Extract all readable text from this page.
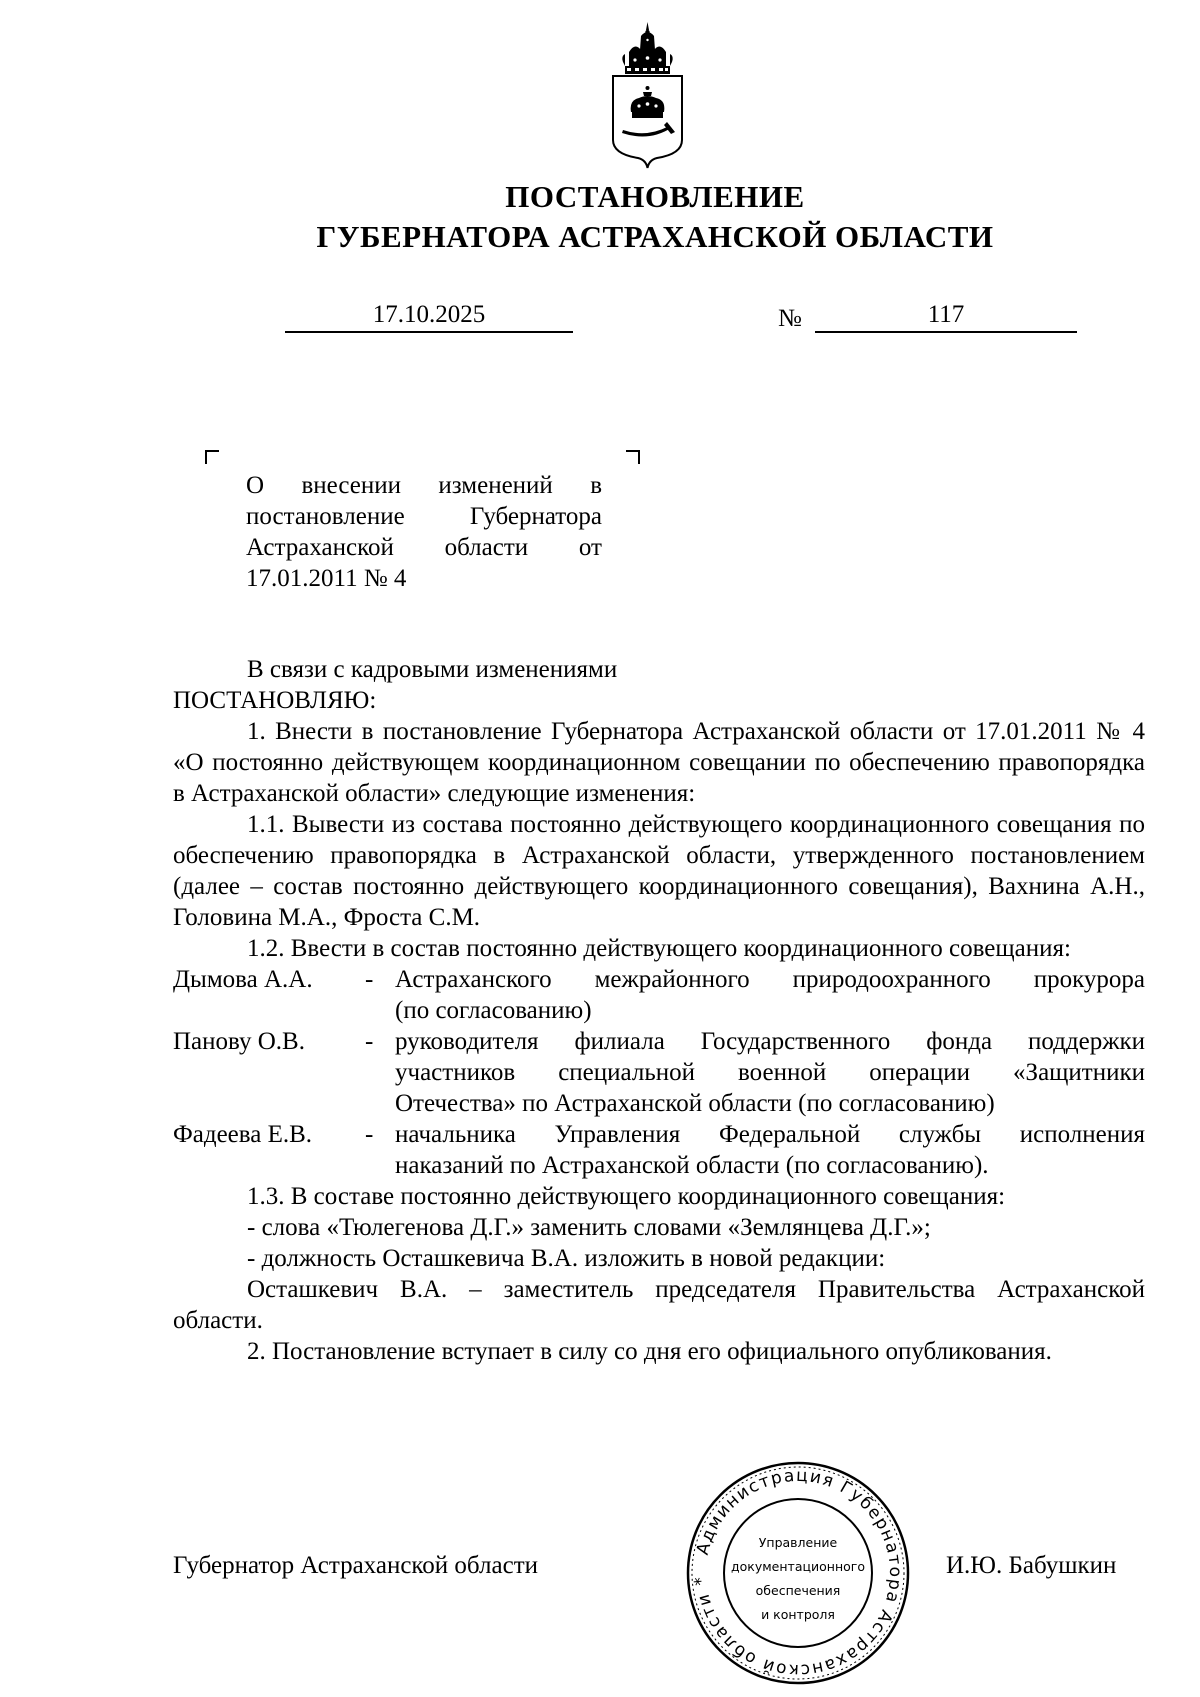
ПОСТАНОВЛЕНИЕ
ГУБЕРНАТОРА АСТРАХАНСКОЙ ОБЛАСТИ
17.10.2025	№	117
О внесении изменений в
постановление Губернатора
Астраханской области от
17.01.2011 № 4

В связи с кадровыми изменениями

ПОСТАНОВЛЯЮ:

1. Внести в постановление Губернатора Астраханской области от 17.01.2011 № 4 «О постоянно действующем координационном совещании по обеспечению правопорядка в Астраханской области» следующие изменения:

1.1. Вывести из состава постоянно действующего координационного совещания по обеспечению правопорядка в Астраханской области, утвержденного постановлением (далее – состав постоянно действующего координационного совещания), Вахнина А.Н., Головина М.А., Фроста С.М.

1.2. Ввести в состав постоянно действующего координационного совещания:

Дымова А.А.	- Астраханского межрайонного природоохранного прокурора
(по согласованию)
Панову О.В.	- руководителя филиала Государственного фонда поддержки
участников специальной военной операции «Защитники
Отечества» по Астраханской области (по согласованию)
Фадеева Е.В.	- начальника Управления Федеральной службы исполнения
наказаний по Астраханской области (по согласованию).

1.3. В составе постоянно действующего координационного совещания:

- слова «Тюлегенова Д.Г.» заменить словами «Землянцева Д.Г.»;

- должность Осташкевича В.А. изложить в новой редакции:

Осташкевич В.А. – заместитель председателя Правительства Астраханской области.

2. Постановление вступает в силу со дня его официального опубликования.

Губернатор Астраханской области	И.Ю. Бабушкин
Администрация Губернатора Астраханской области *
Управление
документационного
обеспечения
и контроля
